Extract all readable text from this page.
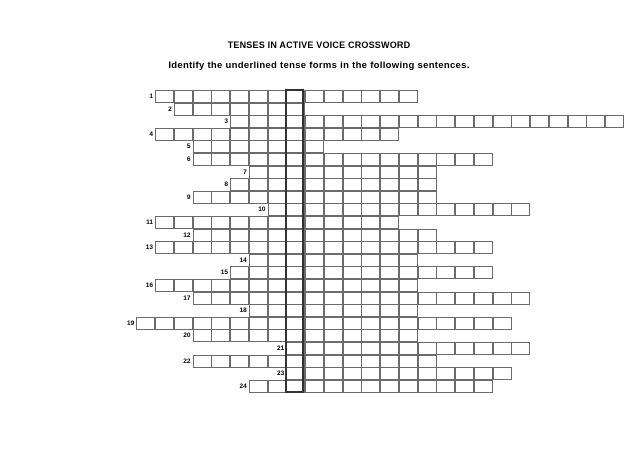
TENSES IN ACTIVE VOICE CROSSWORD
Identify the underlined tense forms in the following sentences.
1
2
3
4
5
6
7
8
9
10
11
12
13
14
15
16
17
18
19
20
21
22
23
24
